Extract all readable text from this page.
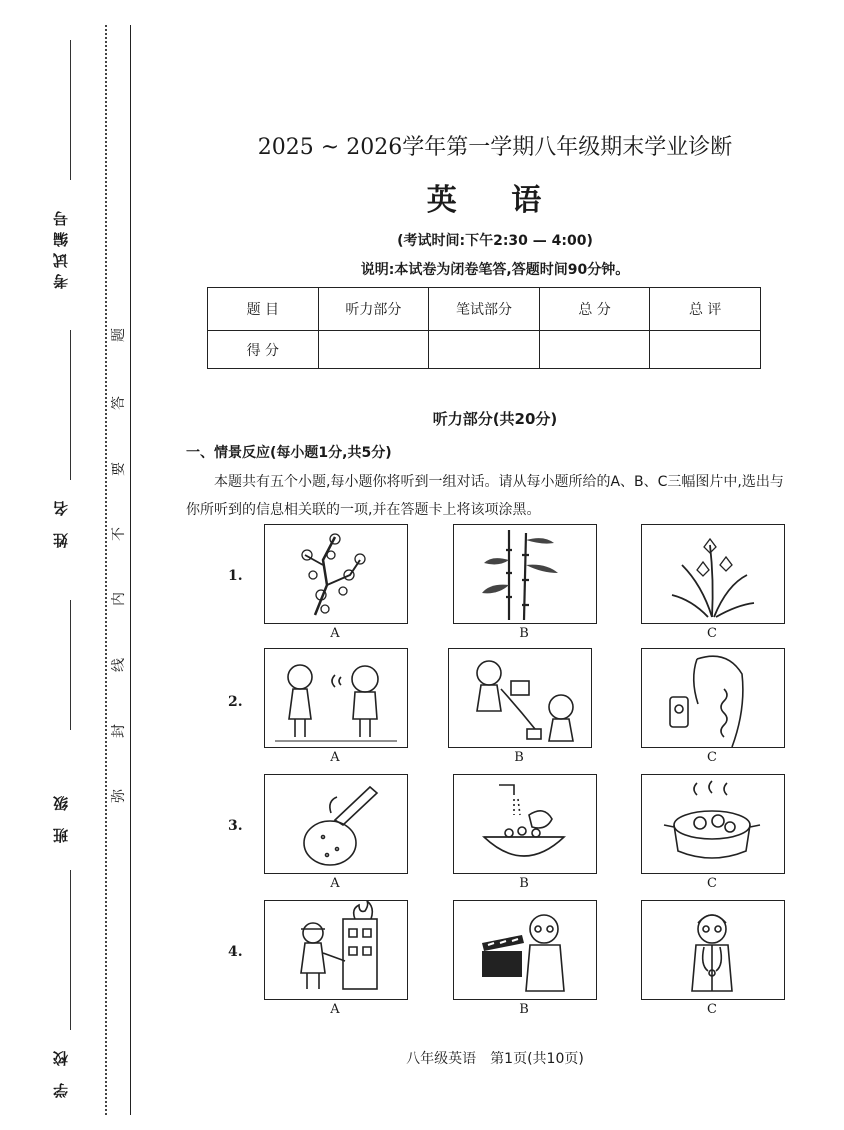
考试编号
姓 名
班 级
学 校
题
答
要
不
内
线
封
弥
2025 ~ 2026学年第一学期八年级期末学业诊断
英 语
(考试时间:下午2:30 — 4:00)
说明:本试卷为闭卷笔答,答题时间90分钟。
题 目	听力部分	笔试部分	总 分	总 评
得 分				
听力部分(共20分)
一、情景反应(每小题1分,共5分)
本题共有五个小题,每小题你将听到一组对话。请从每小题所给的A、B、C三幅图片中,选出与你所听到的信息相关联的一项,并在答题卡上将该项涂黑。
1.
A	B	C
2.
A	B	C
3.
A	B	C
4.
A	B	C
八年级英语　第1页(共10页)
